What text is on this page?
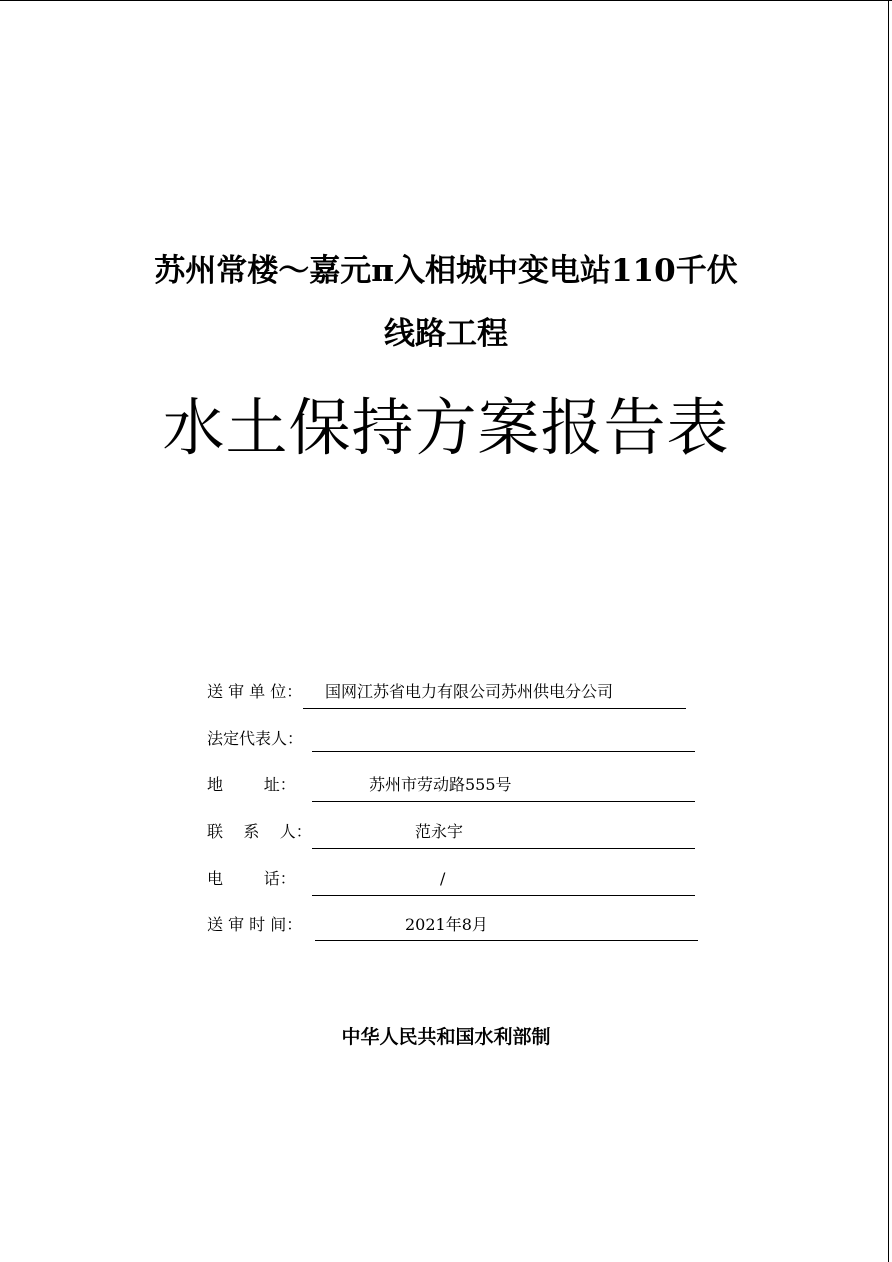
苏州常楼～嘉元π入相城中变电站110千伏
线路工程
水土保持方案报告表
送 审 单 位： 国网江苏省电力有限公司苏州供电分公司
法定代表人：
地        址：	苏州市劳动路555号
联    系    人：	范永宇
电        话：	/
送 审 时 间：	2021年8月
中华人民共和国水利部制
